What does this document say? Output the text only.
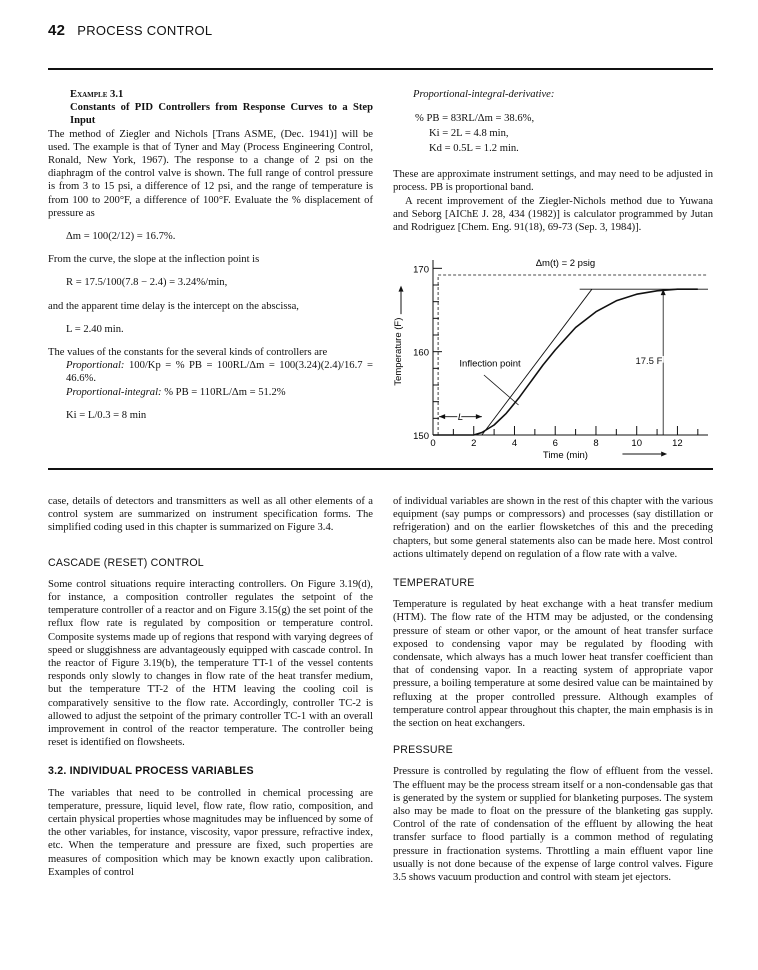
42 PROCESS CONTROL

Example 3.1

Constants of PID Controllers from Response Curves to a Step Input

The method of Ziegler and Nichols [Trans ASME, (Dec. 1941)] will be used. The example is that of Tyner and May (Process Engineering Control, Ronald, New York, 1967). The response to a change of 2 psi on the diaphragm of the control valve is shown. The full range of control pressure is from 3 to 15 psi, a difference of 12 psi, and the range of temperature is from 100 to 200°F, a difference of 100°F. Evaluate the % displacement of pressure as

Δm = 100(2/12) = 16.7%.

From the curve, the slope at the inflection point is

R = 17.5/100(7.8 − 2.4) = 3.24%/min,

and the apparent time delay is the intercept on the abscissa,

L = 2.40 min.

The values of the constants for the several kinds of controllers are

Proportional: 100/Kp = % PB = 100RL/Δm = 100(3.24)(2.4)/16.7 = 46.6%.

Proportional-integral: % PB = 110RL/Δm = 51.2%

Ki = L/0.3 = 8 min

Proportional-integral-derivative:

% PB = 83RL/Δm = 38.6%,

Ki = 2L = 4.8 min,

Kd = 0.5L = 1.2 min.

These are approximate instrument settings, and may need to be adjusted in process. PB is proportional band.

A recent improvement of the Ziegler-Nichols method due to Yuwana and Seborg [AIChE J. 28, 434 (1982)] is calculator programmed by Jutan and Rodriguez [Chem. Eng. 91(18), 69-73 (Sep. 3, 1984)].

0	2	4	6	8	10	12
150
160
170
Time (min)
Temperature (F)
Δm(t) = 2 psig
Inflection point	17.5 F
L

case, details of detectors and transmitters as well as all other elements of a control system are summarized on instrument specification forms. The simplified coding used in this chapter is summarized on Figure 3.4.

CASCADE (RESET) CONTROL

Some control situations require interacting controllers. On Figure 3.19(d), for instance, a composition controller regulates the setpoint of the temperature controller of a reactor and on Figure 3.15(g) the set point of the reflux flow rate is regulated by composition or temperature control. Composite systems made up of regions that respond with varying degrees of speed or sluggishness are advantageously equipped with cascade control. In the reactor of Figure 3.19(b), the temperature TT-1 of the vessel contents responds only slowly to changes in flow rate of the heat transfer medium, but the temperature TT-2 of the HTM leaving the cooling coil is comparatively sensitive to the flow rate. Accordingly, controller TC-2 is allowed to adjust the setpoint of the primary controller TC-1 with an overall improvement in control of the reactor temperature. The controller being reset is identified on flowsheets.

3.2. INDIVIDUAL PROCESS VARIABLES

The variables that need to be controlled in chemical processing are temperature, pressure, liquid level, flow rate, flow ratio, composition, and certain physical properties whose magnitudes may be influenced by some of the other variables, for instance, viscosity, vapor pressure, refractive index, etc. When the temperature and pressure are fixed, such properties are measures of composition which may be known exactly upon calibration. Examples of control

of individual variables are shown in the rest of this chapter with the various equipment (say pumps or compressors) and processes (say distillation or refrigeration) and on the earlier flowsketches of this and the preceding chapters, but some general statements also can be made here. Most control actions ultimately depend on regulation of a flow rate with a valve.

TEMPERATURE

Temperature is regulated by heat exchange with a heat transfer medium (HTM). The flow rate of the HTM may be adjusted, or the condensing pressure of steam or other vapor, or the amount of heat transfer surface exposed to condensing vapor may be regulated by flooding with condensate, which always has a much lower heat transfer coefficient than that of condensing vapor. In a reacting system of appropriate vapor pressure, a boiling temperature at some desired value can be maintained by refluxing at the proper controlled pressure. Although examples of temperature control appear throughout this chapter, the main emphasis is in the section on heat exchangers.

PRESSURE

Pressure is controlled by regulating the flow of effluent from the vessel. The effluent may be the process stream itself or a non-condensable gas that is generated by the system or supplied for blanketing purposes. The system also may be made to float on the pressure of the blanketing gas supply. Control of the rate of condensation of the effluent by allowing the heat transfer surface to flood partially is a common method of regulating pressure in fractionation systems. Throttling a main effluent vapor line usually is not done because of the expense of large control valves. Figure 3.5 shows vacuum production and control with steam jet ejectors.
